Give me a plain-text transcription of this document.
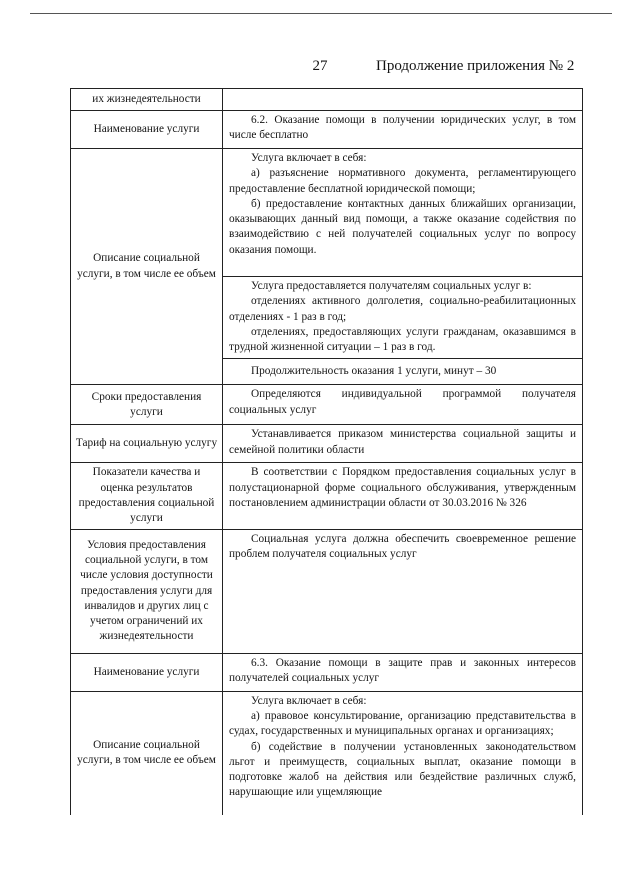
27	Продолжение приложения № 2
их жизнедеятельности	
Наименование услуги	6.2. Оказание помощи в получении юридических услуг, в том числе бесплатно
Описание социальной услуги, в том числе ее объем	Услуга включает в себя:
а) разъяснение нормативного документа, регламентирующего предоставление бесплатной юридической помощи;
б) предоставление контактных данных ближайших организации, оказывающих данный вид помощи, а также оказание содействия по взаимодействию с ней получателей социальных услуг по вопросу оказания помощи.

	Услуга предоставляется получателям социальных услуг в:
отделениях активного долголетия, социально-реабилитационных отделениях - 1 раз в год;
отделениях, предоставляющих услуги гражданам, оказавшимся в трудной жизненной ситуации – 1 раз в год.

	Продолжительность оказания 1 услуги, минут – 30
Сроки предоставления услуги	Определяются индивидуальной программой получателя социальных услуг
Тариф на социальную услугу	Устанавливается приказом министерства социальной защиты и семейной политики области
Показатели качества и оценка результатов предоставления социальной услуги	В соответствии с Порядком предоставления социальных услуг в полустационарной форме социального обслуживания, утвержденным постановлением администрации области от 30.03.2016 № 326
Условия предоставления социальной услуги, в том числе условия доступности предоставления услуги для инвалидов и других лиц с учетом ограничений их жизнедеятельности	Социальная услуга должна обеспечить своевременное решение проблем получателя социальных услуг
Наименование услуги	6.3. Оказание помощи в защите прав и законных интересов получателей социальных услуг
Описание социальной услуги, в том числе ее объем	Услуга включает в себя:
а) правовое консультирование, организацию представительства в судах, государственных и муниципальных органах и организациях;
б) содействие в получении установленных законодательством льгот и преимуществ, социальных выплат, оказание помощи в подготовке жалоб на действия или бездействие различных служб, нарушающие или ущемляющие
